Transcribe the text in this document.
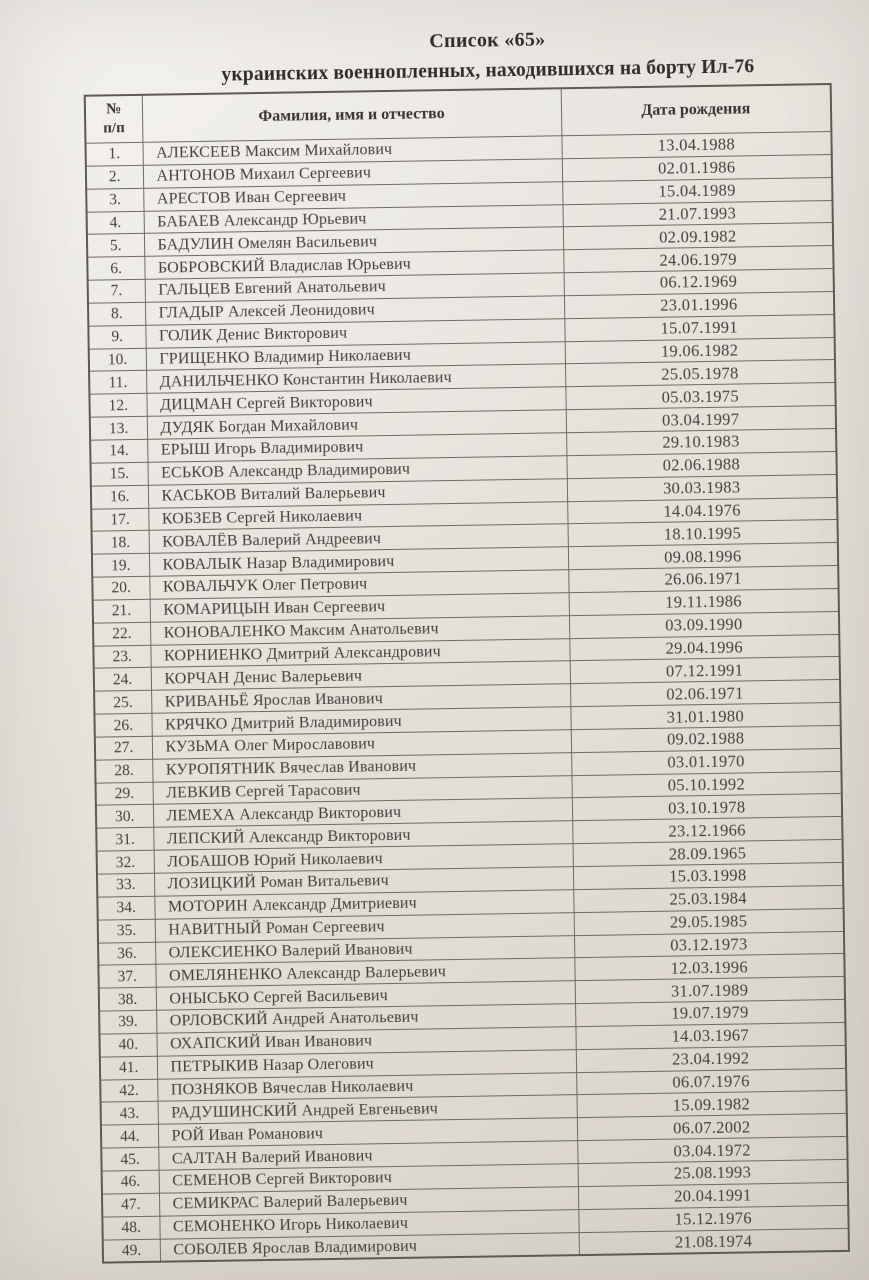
Список «65»
украинских военнопленных, находившихся на борту Ил-76
№
п/п	Фамилия, имя и отчество	Дата рождения
1.	АЛЕКСЕЕВ Максим Михайлович	13.04.1988
2.	АНТОНОВ Михаил Сергеевич	02.01.1986
3.	АРЕСТОВ Иван Сергеевич	15.04.1989
4.	БАБАЕВ Александр Юрьевич	21.07.1993
5.	БАДУЛИН Омелян Васильевич	02.09.1982
6.	БОБРОВСКИЙ Владислав Юрьевич	24.06.1979
7.	ГАЛЬЦЕВ Евгений Анатольевич	06.12.1969
8.	ГЛАДЫР Алексей Леонидович	23.01.1996
9.	ГОЛИК Денис Викторович	15.07.1991
10.	ГРИЩЕНКО Владимир Николаевич	19.06.1982
11.	ДАНИЛЬЧЕНКО Константин Николаевич	25.05.1978
12.	ДИЦМАН Сергей Викторович	05.03.1975
13.	ДУДЯК Богдан Михайлович	03.04.1997
14.	ЕРЫШ Игорь Владимирович	29.10.1983
15.	ЕСЬКОВ Александр Владимирович	02.06.1988
16.	КАСЬКОВ Виталий Валерьевич	30.03.1983
17.	КОБЗЕВ Сергей Николаевич	14.04.1976
18.	КОВАЛЁВ Валерий Андреевич	18.10.1995
19.	КОВАЛЫК Назар Владимирович	09.08.1996
20.	КОВАЛЬЧУК Олег Петрович	26.06.1971
21.	КОМАРИЦЫН Иван Сергеевич	19.11.1986
22.	КОНОВАЛЕНКО Максим Анатольевич	03.09.1990
23.	КОРНИЕНКО Дмитрий Александрович	29.04.1996
24.	КОРЧАН Денис Валерьевич	07.12.1991
25.	КРИВАНЬЁ Ярослав Иванович	02.06.1971
26.	КРЯЧКО Дмитрий Владимирович	31.01.1980
27.	КУЗЬМА Олег Мирославович	09.02.1988
28.	КУРОПЯТНИК Вячеслав Иванович	03.01.1970
29.	ЛЕВКИВ Сергей Тарасович	05.10.1992
30.	ЛЕМЕХА Александр Викторович	03.10.1978
31.	ЛЕПСКИЙ Александр Викторович	23.12.1966
32.	ЛОБАШОВ Юрий Николаевич	28.09.1965
33.	ЛОЗИЦКИЙ Роман Витальевич	15.03.1998
34.	МОТОРИН Александр Дмитриевич	25.03.1984
35.	НАВИТНЫЙ Роман Сергеевич	29.05.1985
36.	ОЛЕКСИЕНКО Валерий Иванович	03.12.1973
37.	ОМЕЛЯНЕНКО Александр Валерьевич	12.03.1996
38.	ОНЫСЬКО Сергей Васильевич	31.07.1989
39.	ОРЛОВСКИЙ Андрей Анатольевич	19.07.1979
40.	ОХАПСКИЙ Иван Иванович	14.03.1967
41.	ПЕТРЫКИВ Назар Олегович	23.04.1992
42.	ПОЗНЯКОВ Вячеслав Николаевич	06.07.1976
43.	РАДУШИНСКИЙ Андрей Евгеньевич	15.09.1982
44.	РОЙ Иван Романович	06.07.2002
45.	САЛТАН Валерий Иванович	03.04.1972
46.	СЕМЕНОВ Сергей Викторович	25.08.1993
47.	СЕМИКРАС Валерий Валерьевич	20.04.1991
48.	СЕМОНЕНКО Игорь Николаевич	15.12.1976
49.	СОБОЛЕВ Ярослав Владимирович	21.08.1974
